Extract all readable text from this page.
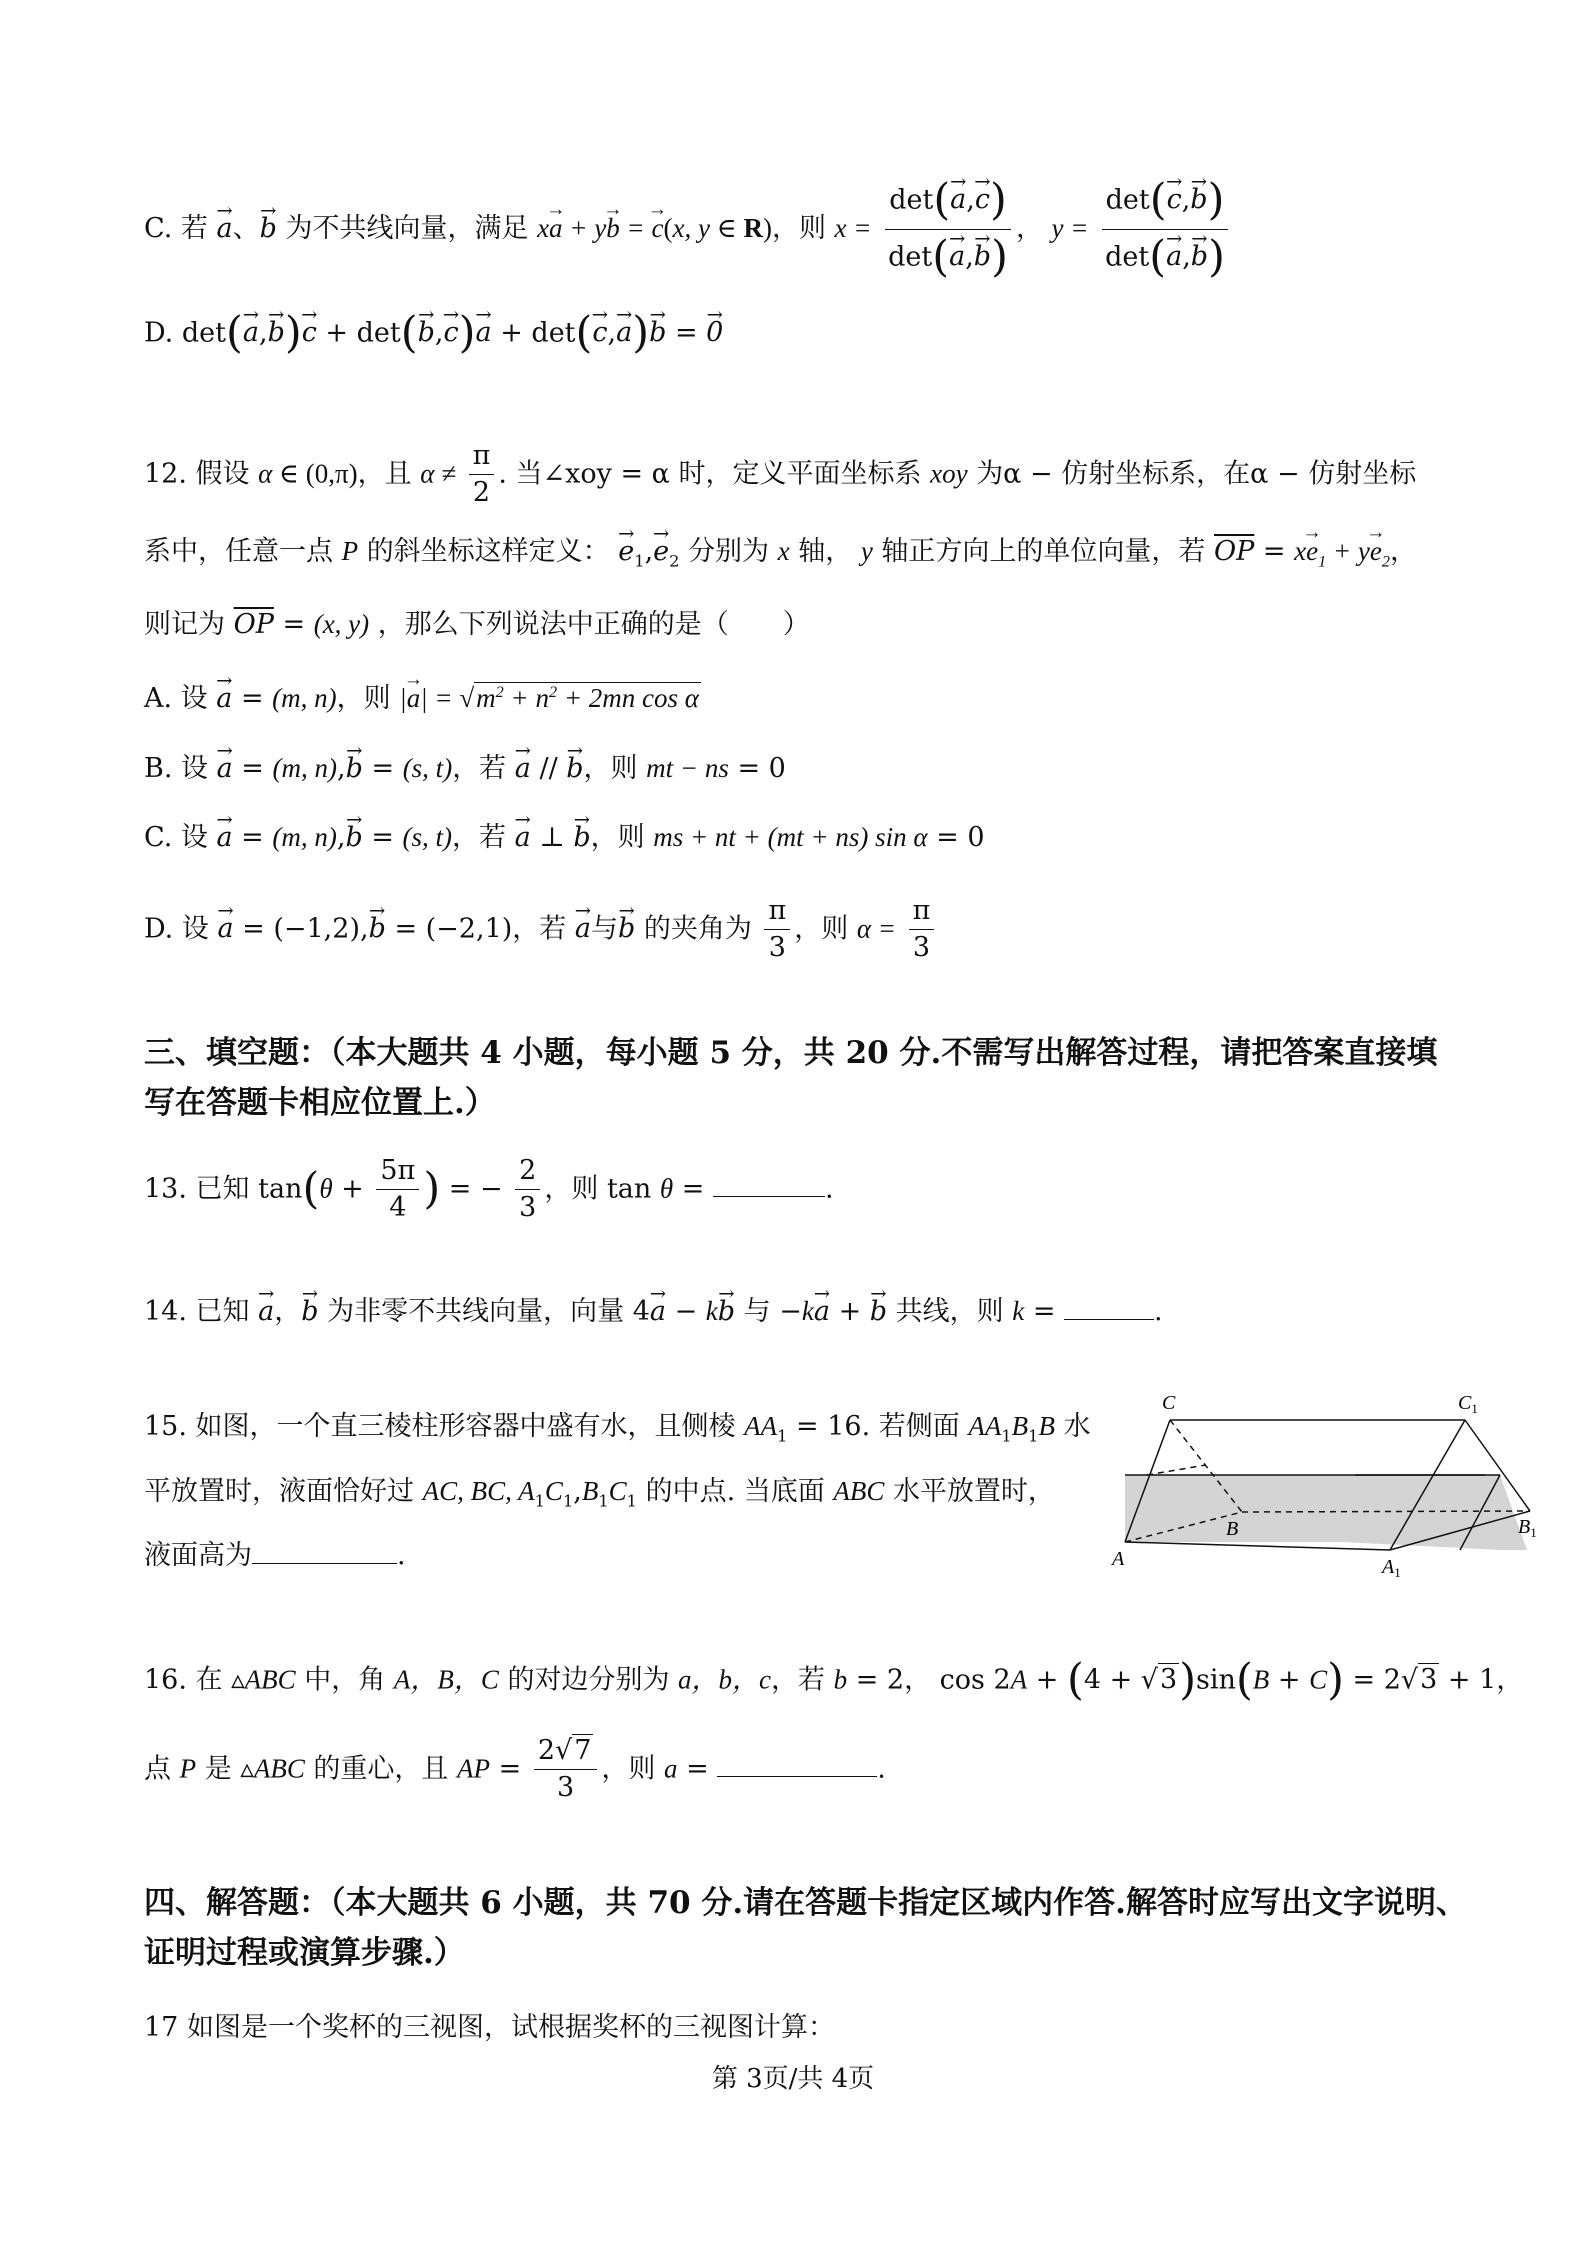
C. 若 → a、→ b 为不共线向量，满足 x→ a + y→ b = → c(x, y ∈ R)，则 $x = \frac{\det(\to a,\to c)}{\det(\to a,\to b)}$ ， $y = \frac{\det(\to c,\to b)}{\det(\to a,\to b)}$
D. det(→ a,→ b)→ c + det(→ b,→ c)→ a + det(→ c,→ a)→ b = → 0
12. 假设 α ∈ (0,π)，且 $\alpha \ne \frac{\pi}{2}$ . 当∠xoy = α 时，定义平面坐标系 xoy 为α − 仿射坐标系，在α − 仿射坐标
系中，任意一点 P 的斜坐标这样定义： → $e_1,\to e_2$ 分别为 x 轴， y 轴正方向上的单位向量，若 $\overline{OP} = x\to e_1 + y\to e_2$，
则记为 $\overline{OP} = (x$, y) ，那么下列说法中正确的是（　　）
A. 设 → a = (m, n)，则 |→ $a| = √m^2 + n^2 + 2mn$ cos α
B. 设 → a = (m, n),→ b = (s, t)，若 → a // → b，则 mt − ns = 0
C. 设 → a = (m, n),→ b = (s, t)，若 → a ⊥ → b，则 ms + nt + (mt + ns) sin α = 0
D. 设 → a = (−1,2),→ b = (−2,1)，若 → a与→ b 的夹角为 $\frac{\pi}{3}$ ，则 $\alpha = \frac{\pi}{3}$
三、填空题：（本大题共 4 小题，每小题 5 分，共 20 分.不需写出解答过程，请把答案直接填
写在答题卡相应位置上.）
13. 已知 $\tan(\theta + \frac{5\pi}{4}$ ) = − $\frac{2}{3}$ ，则 tan θ =	.
14. 已知 → a，→ b 为非零不共线向量，向量 4→ a − k→ b 与 −k→ a + → b 共线，则 k =	.
15. 如图，一个直三棱柱形容器中盛有水，且侧棱 $AA_1 = 16$. 若侧面 $AA_1B_1B$ 水
平放置时，液面恰好过 AC, BC, $A_1C_1,B_1C_1$ 的中点. 当底面 ABC 水平放置时，
液面高为	.
C	$C_1$
B	$B_1$
A	$A_1$
16. 在 ▵ABC 中，角 A，B，C 的对边分别为 a，b，c，若 b = 2， cos 2A + (4 + √3)sin(B + C) = 2√3 + 1，
点 P 是 ▵ABC 的重心，且 AP = $\frac{2√7}{3}$ ，则 a =	.
四、解答题：（本大题共 6 小题，共 70 分.请在答题卡指定区域内作答.解答时应写出文字说明、
证明过程或演算步骤.）
17 如图是一个奖杯的三视图，试根据奖杯的三视图计算：
第 3页/共 4页
